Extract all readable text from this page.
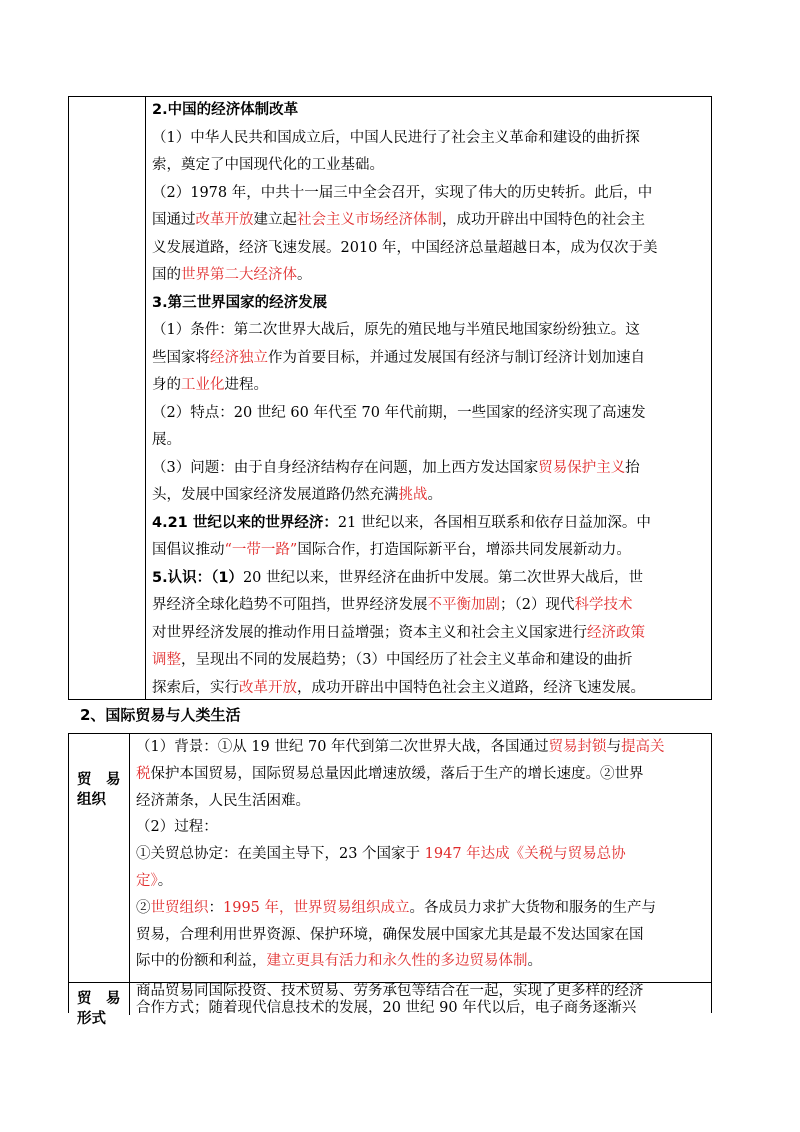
2.中国的经济体制改革
（1）中华人民共和国成立后，中国人民进行了社会主义革命和建设的曲折探
索，奠定了中国现代化的工业基础。
（2）1978 年，中共十一届三中全会召开，实现了伟大的历史转折。此后，中
国通过改革开放建立起社会主义市场经济体制，成功开辟出中国特色的社会主
义发展道路，经济飞速发展。2010 年，中国经济总量超越日本，成为仅次于美
国的世界第二大经济体。
3.第三世界国家的经济发展
（1）条件：第二次世界大战后，原先的殖民地与半殖民地国家纷纷独立。这
些国家将经济独立作为首要目标，并通过发展国有经济与制订经济计划加速自
身的工业化进程。
（2）特点：20 世纪 60 年代至 70 年代前期，一些国家的经济实现了高速发
展。
（3）问题：由于自身经济结构存在问题，加上西方发达国家贸易保护主义抬
头，发展中国家经济发展道路仍然充满挑战。
4.21 世纪以来的世界经济：21 世纪以来，各国相互联系和依存日益加深。中
国倡议推动“一带一路”国际合作，打造国际新平台，增添共同发展新动力。
5.认识：（1）20 世纪以来，世界经济在曲折中发展。第二次世界大战后，世
界经济全球化趋势不可阻挡，世界经济发展不平衡加剧；（2）现代科学技术
对世界经济发展的推动作用日益增强；资本主义和社会主义国家进行经济政策
调整，呈现出不同的发展趋势；（3）中国经历了社会主义革命和建设的曲折
探索后，实行改革开放，成功开辟出中国特色社会主义道路，经济飞速发展。
2、国际贸易与人类生活
贸　易
组织
（1）背景：①从 19 世纪 70 年代到第二次世界大战，各国通过贸易封锁与提高关
税保护本国贸易，国际贸易总量因此增速放缓，落后于生产的增长速度。②世界
经济萧条，人民生活困难。
（2）过程：
①关贸总协定：在美国主导下，23 个国家于 1947 年达成《关税与贸易总协
定》。
②世贸组织：1995 年，世界贸易组织成立。各成员力求扩大货物和服务的生产与
贸易，合理利用世界资源、保护环境，确保发展中国家尤其是最不发达国家在国
际中的份额和利益，建立更具有活力和永久性的多边贸易体制。
贸　易
形式
商品贸易同国际投资、技术贸易、劳务承包等结合在一起，实现了更多样的经济
合作方式；随着现代信息技术的发展，20 世纪 90 年代以后，电子商务逐渐兴
